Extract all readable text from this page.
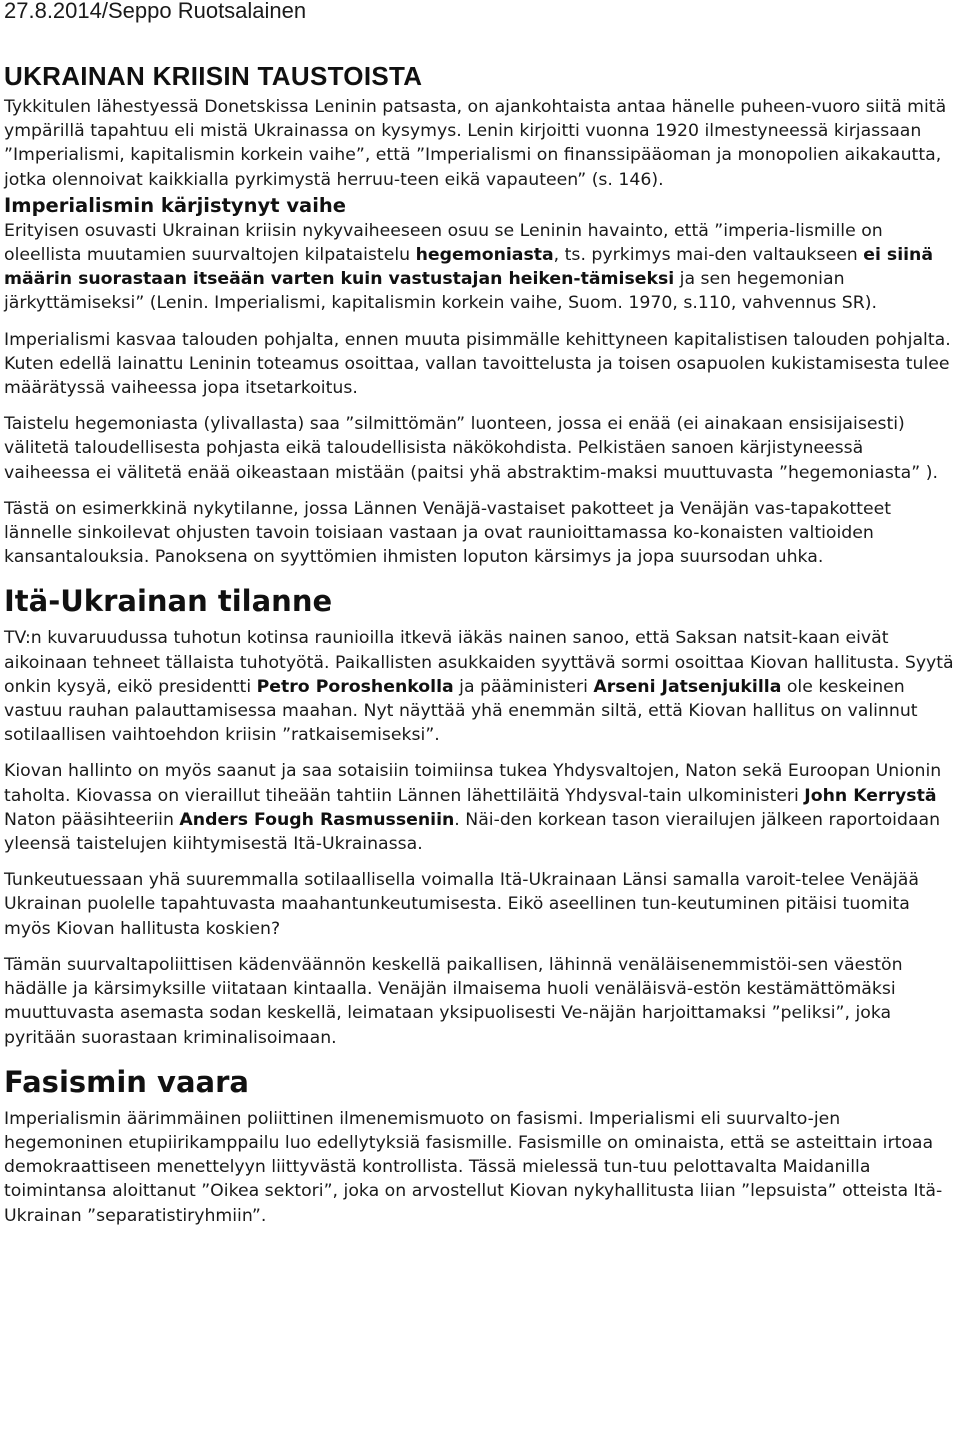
27.8.2014/Seppo Ruotsalainen
UKRAINAN KRIISIN TAUSTOISTA

Tykkitulen lähestyessä Donetskissa Leninin patsasta, on ajankohtaista antaa hänelle puheen-vuoro siitä mitä ympärillä tapahtuu eli mistä Ukrainassa on kysymys. Lenin kirjoitti vuonna 1920 ilmestyneessä kirjassaan ”Imperialismi, kapitalismin korkein vaihe”, että ”Imperialismi on finanssipääoman ja monopolien aikakautta, jotka olennoivat kaikkialla pyrkimystä herruu-teen eikä vapauteen” (s. 146).

Imperialismin kärjistynyt vaihe

Erityisen osuvasti Ukrainan kriisin nykyvaiheeseen osuu se Leninin havainto, että ”imperia-lismille on oleellista muutamien suurvaltojen kilpataistelu hegemoniasta, ts. pyrkimys mai-den valtaukseen ei siinä määrin suorastaan itseään varten kuin vastustajan heiken-tämiseksi ja sen hegemonian järkyttämiseksi” (Lenin. Imperialismi, kapitalismin korkein vaihe, Suom. 1970, s.110, vahvennus SR).

Imperialismi kasvaa talouden pohjalta, ennen muuta pisimmälle kehittyneen kapitalistisen talouden pohjalta. Kuten edellä lainattu Leninin toteamus osoittaa, vallan tavoittelusta ja toisen osapuolen kukistamisesta tulee määrätyssä vaiheessa jopa itsetarkoitus.

Taistelu hegemoniasta (ylivallasta) saa ”silmittömän” luonteen, jossa ei enää (ei ainakaan ensisijaisesti) välitetä taloudellisesta pohjasta eikä taloudellisista näkökohdista. Pelkistäen sanoen kärjistyneessä vaiheessa ei välitetä enää oikeastaan mistään (paitsi yhä abstraktim-maksi muuttuvasta ”hegemoniasta” ).

Tästä on esimerkkinä nykytilanne, jossa Lännen Venäjä-vastaiset pakotteet ja Venäjän vas-tapakotteet lännelle sinkoilevat ohjusten tavoin toisiaan vastaan ja ovat raunioittamassa ko-konaisten valtioiden kansantalouksia. Panoksena on syyttömien ihmisten loputon kärsimys ja jopa suursodan uhka.

Itä-Ukrainan tilanne

TV:n kuvaruudussa tuhotun kotinsa raunioilla itkevä iäkäs nainen sanoo, että Saksan natsit-kaan eivät aikoinaan tehneet tällaista tuhotyötä. Paikallisten asukkaiden syyttävä sormi osoittaa Kiovan hallitusta. Syytä onkin kysyä, eikö presidentti Petro Poroshenkolla ja pääministeri Arseni Jatsenjukilla ole keskeinen vastuu rauhan palauttamisessa maahan. Nyt näyttää yhä enemmän siltä, että Kiovan hallitus on valinnut sotilaallisen vaihtoehdon kriisin ”ratkaisemiseksi”.

Kiovan hallinto on myös saanut ja saa sotaisiin toimiinsa tukea Yhdysvaltojen, Naton sekä Euroopan Unionin taholta. Kiovassa on vieraillut tiheään tahtiin Lännen lähettiläitä Yhdysval-tain ulkoministeri John Kerrystä Naton pääsihteeriin Anders Fough Rasmusseniin. Näi-den korkean tason vierailujen jälkeen raportoidaan yleensä taistelujen kiihtymisestä Itä-Ukrainassa.

Tunkeutuessaan yhä suuremmalla sotilaallisella voimalla Itä-Ukrainaan Länsi samalla varoit-telee Venäjää Ukrainan puolelle tapahtuvasta maahantunkeutumisesta. Eikö aseellinen tun-keutuminen pitäisi tuomita myös Kiovan hallitusta koskien?

Tämän suurvaltapoliittisen kädenväännön keskellä paikallisen, lähinnä venäläisenemmistöi-sen väestön hädälle ja kärsimyksille viitataan kintaalla. Venäjän ilmaisema huoli venäläisvä-estön kestämättömäksi muuttuvasta asemasta sodan keskellä, leimataan yksipuolisesti Ve-näjän harjoittamaksi ”peliksi”, joka pyritään suorastaan kriminalisoimaan.

Fasismin vaara

Imperialismin äärimmäinen poliittinen ilmenemismuoto on fasismi. Imperialismi eli suurvalto-jen hegemoninen etupiirikamppailu luo edellytyksiä fasismille. Fasismille on ominaista, että se asteittain irtoaa demokraattiseen menettelyyn liittyvästä kontrollista. Tässä mielessä tun-tuu pelottavalta Maidanilla toimintansa aloittanut ”Oikea sektori”, joka on arvostellut Kiovan nykyhallitusta liian ”lepsuista” otteista Itä-Ukrainan ”separatistiryhmiin”.
